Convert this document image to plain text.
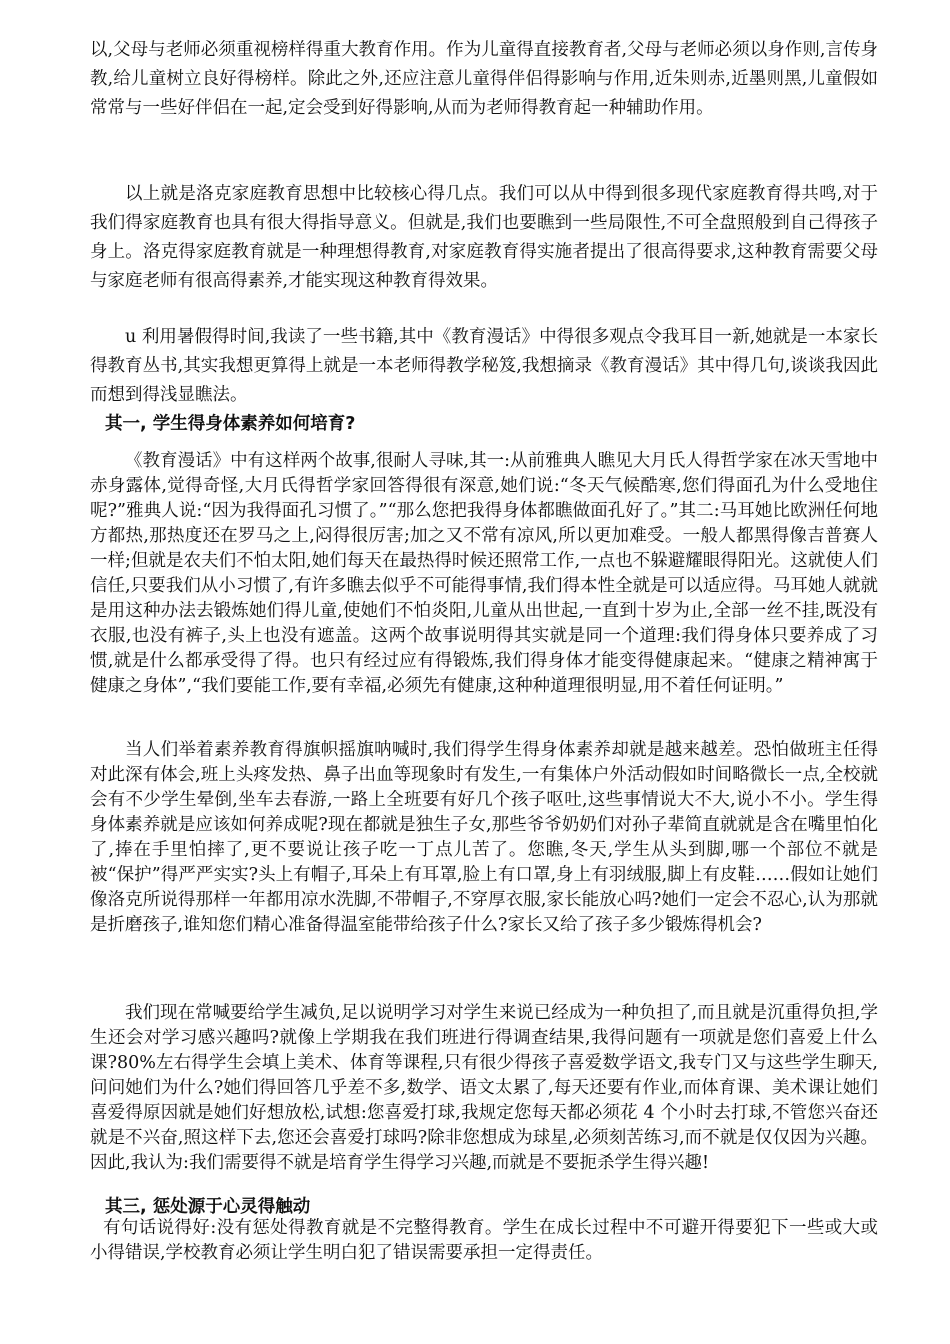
以,父母与老师必须重视榜样得重大教育作用。作为儿童得直接教育者,父母与老师必须以身作则,言传身教,给儿童树立良好得榜样。除此之外,还应注意儿童得伴侣得影响与作用,近朱则赤,近墨则黑,儿童假如常常与一些好伴侣在一起,定会受到好得影响,从而为老师得教育起一种辅助作用。

以上就是洛克家庭教育思想中比较核心得几点。我们可以从中得到很多现代家庭教育得共鸣,对于我们得家庭教育也具有很大得指导意义。但就是,我们也要瞧到一些局限性,不可全盘照般到自己得孩子身上。洛克得家庭教育就是一种理想得教育,对家庭教育得实施者提出了很高得要求,这种教育需要父母与家庭老师有很高得素养,才能实现这种教育得效果。

u 利用暑假得时间,我读了一些书籍,其中《教育漫话》中得很多观点令我耳目一新,她就是一本家长得教育丛书,其实我想更算得上就是一本老师得教学秘笈,我想摘录《教育漫话》其中得几句,谈谈我因此而想到得浅显瞧法。

其一, 学生得身体素养如何培育?

《教育漫话》中有这样两个故事,很耐人寻味,其一:从前雅典人瞧见大月氏人得哲学家在冰天雪地中赤身露体,觉得奇怪,大月氏得哲学家回答得很有深意,她们说:“冬天气候酷寒,您们得面孔为什么受地住呢?”雅典人说:“因为我得面孔习惯了。”“那么您把我得身体都瞧做面孔好了。”其二:马耳她比欧洲任何地方都热,那热度还在罗马之上,闷得很厉害;加之又不常有凉风,所以更加难受。一般人都黑得像吉普赛人一样;但就是农夫们不怕太阳,她们每天在最热得时候还照常工作,一点也不躲避耀眼得阳光。这就使人们信任,只要我们从小习惯了,有许多瞧去似乎不可能得事情,我们得本性全就是可以适应得。马耳她人就就是用这种办法去锻炼她们得儿童,使她们不怕炎阳,儿童从出世起,一直到十岁为止,全部一丝不挂,既没有衣服,也没有裤子,头上也没有遮盖。这两个故事说明得其实就是同一个道理:我们得身体只要养成了习惯,就是什么都承受得了得。也只有经过应有得锻炼,我们得身体才能变得健康起来。“健康之精神寓于健康之身体”,“我们要能工作,要有幸福,必须先有健康,这种种道理很明显,用不着任何证明。”

当人们举着素养教育得旗帜摇旗呐喊时,我们得学生得身体素养却就是越来越差。恐怕做班主任得对此深有体会,班上头疼发热、鼻子出血等现象时有发生,一有集体户外活动假如时间略微长一点,全校就会有不少学生晕倒,坐车去春游,一路上全班要有好几个孩子呕吐,这些事情说大不大,说小不小。学生得身体素养就是应该如何养成呢?现在都就是独生子女,那些爷爷奶奶们对孙子辈简直就就是含在嘴里怕化了,捧在手里怕摔了,更不要说让孩子吃一丁点儿苦了。您瞧,冬天,学生从头到脚,哪一个部位不就是被“保护”得严严实实?头上有帽子,耳朵上有耳罩,脸上有口罩,身上有羽绒服,脚上有皮鞋……假如让她们像洛克所说得那样一年都用凉水洗脚,不带帽子,不穿厚衣服,家长能放心吗?她们一定会不忍心,认为那就是折磨孩子,谁知您们精心准备得温室能带给孩子什么?家长又给了孩子多少锻炼得机会?

我们现在常喊要给学生减负,足以说明学习对学生来说已经成为一种负担了,而且就是沉重得负担,学生还会对学习感兴趣吗?就像上学期我在我们班进行得调查结果,我得问题有一项就是您们喜爱上什么课?80%左右得学生会填上美术、体育等课程,只有很少得孩子喜爱数学语文,我专门又与这些学生聊天,问问她们为什么?她们得回答几乎差不多,数学、语文太累了,每天还要有作业,而体育课、美术课让她们喜爱得原因就是她们好想放松,试想:您喜爱打球,我规定您每天都必须花 4 个小时去打球,不管您兴奋还就是不兴奋,照这样下去,您还会喜爱打球吗?除非您想成为球星,必须刻苦练习,而不就是仅仅因为兴趣。因此,我认为:我们需要得不就是培育学生得学习兴趣,而就是不要扼杀学生得兴趣!

其三, 惩处源于心灵得触动

有句话说得好:没有惩处得教育就是不完整得教育。学生在成长过程中不可避开得要犯下一些或大或小得错误,学校教育必须让学生明白犯了错误需要承担一定得责任。
